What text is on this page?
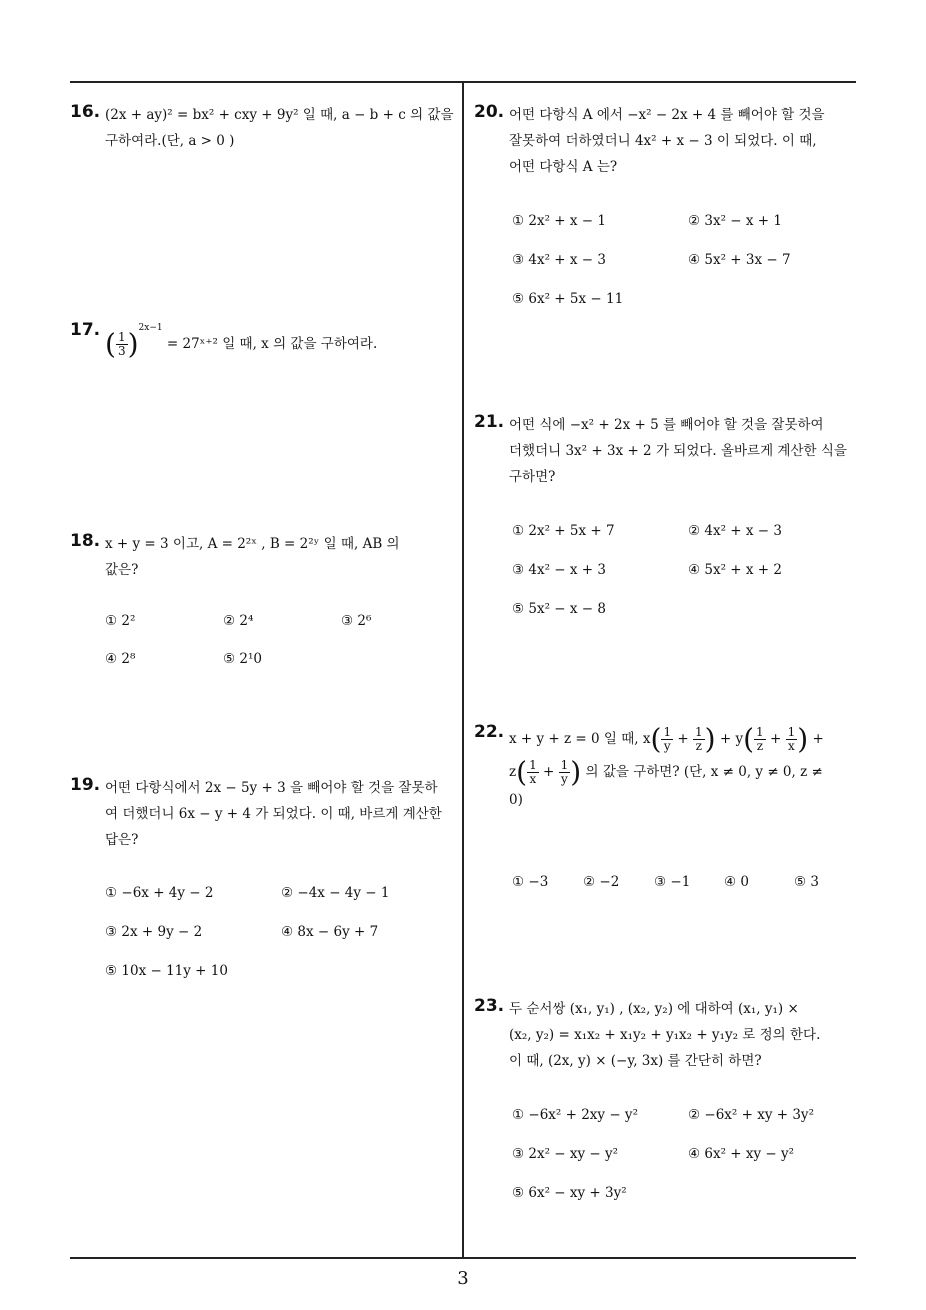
16. (2x + ay)² = bx² + cxy + 9y² 일 때, a − b + c 의 값을
구하여라.(단, a > 0 )
17. ( $\frac{1}{3} )^{2x-1}$ = 27ˣ⁺² 일 때, x 의 값을 구하여라.
18. x + y = 3 이고, A = 2²ˣ , B = 2²ʸ 일 때, AB 의
값은?
① 2²	② 2⁴	③ 2⁶
④ 2⁸	⑤ 2¹0
19. 어떤 다항식에서 2x − 5y + 3 을 빼어야 할 것을 잘못하
여 더했더니 6x − y + 4 가 되었다. 이 때, 바르게 계산한
답은?
① −6x + 4y − 2	② −4x − 4y − 1
③ 2x + 9y − 2	④ 8x − 6y + 7
⑤ 10x − 11y + 10
20. 어떤 다항식 A 에서 −x² − 2x + 4 를 빼어야 할 것을
잘못하여 더하였더니 4x² + x − 3 이 되었다. 이 때,
어떤 다항식 A 는?
① 2x² + x − 1	② 3x² − x + 1
③ 4x² + x − 3	④ 5x² + 3x − 7
⑤ 6x² + 5x − 11
21. 어떤 식에 −x² + 2x + 5 를 빼어야 할 것을 잘못하여
더했더니 3x² + 3x + 2 가 되었다. 올바르게 계산한 식을
구하면?
① 2x² + 5x + 7	② 4x² + x − 3
③ 4x² − x + 3	④ 5x² + x + 2
⑤ 5x² − x − 8
22. x + y + z = 0 일 때, $x( \frac{1}{y} + \frac{1}{z}$ ) + $y( \frac{1}{z} + \frac{1}{x}$ ) +
$z( \frac{1}{x} + \frac{1}{y}$ ) 의 값을 구하면? (단, x ≠ 0, y ≠ 0, z ≠
0)
① −3	② −2	③ −1 ④ 0	⑤ 3
23. 두 순서쌍 (x₁, y₁) , (x₂, y₂) 에 대하여 (x₁, y₁) ×
(x₂, y₂) = x₁x₂ + x₁y₂ + y₁x₂ + y₁y₂ 로 정의 한다.
이 때, (2x, y) × (−y, 3x) 를 간단히 하면?
① −6x² + 2xy − y²	② −6x² + xy + 3y²
③ 2x² − xy − y²	④ 6x² + xy − y²
⑤ 6x² − xy + 3y²
3
